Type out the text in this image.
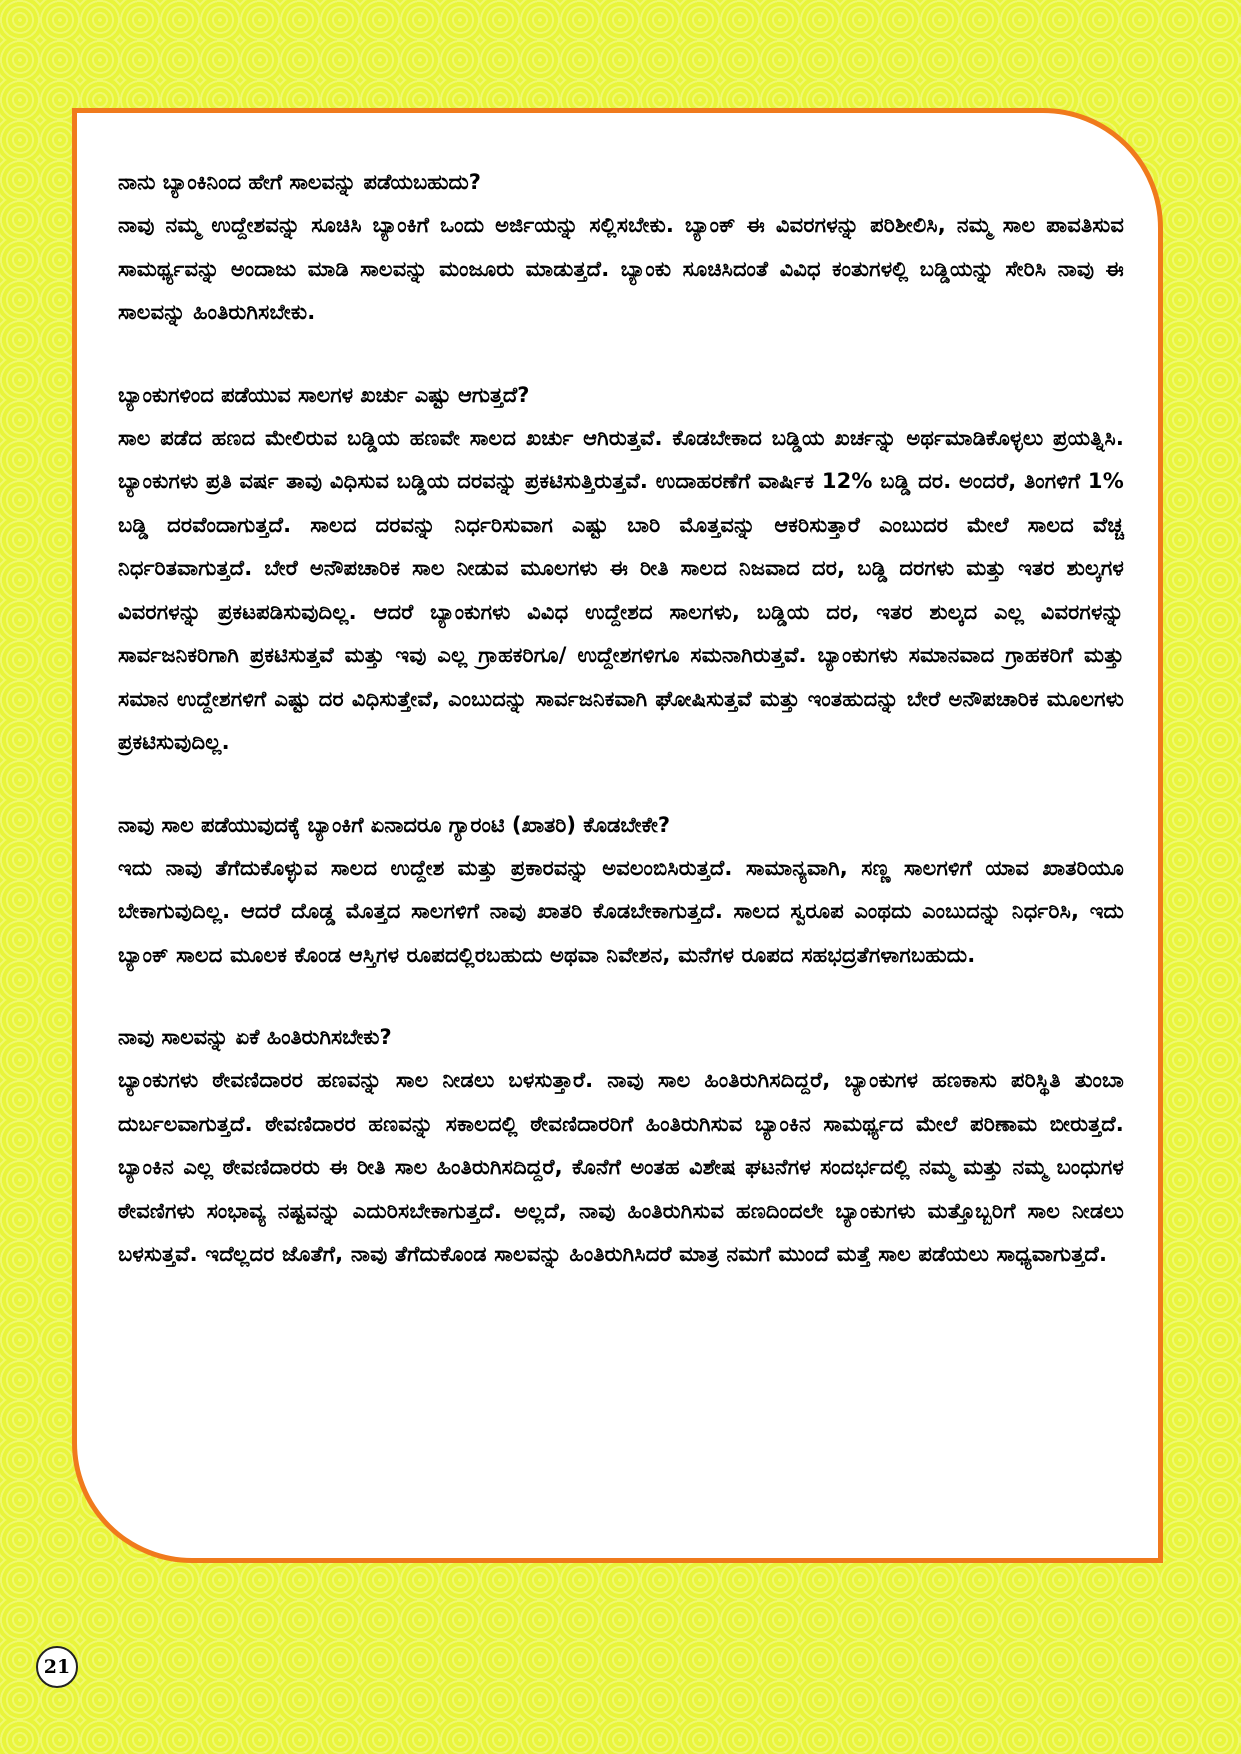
ನಾನು ಬ್ಯಾಂಕಿನಿಂದ ಹೇಗೆ ಸಾಲವನ್ನು ಪಡೆಯಬಹುದು?

ನಾವು ನಮ್ಮ ಉದ್ದೇಶವನ್ನು ಸೂಚಿಸಿ ಬ್ಯಾಂಕಿಗೆ ಒಂದು ಅರ್ಜಿಯನ್ನು ಸಲ್ಲಿಸಬೇಕು. ಬ್ಯಾಂಕ್ ಈ ವಿವರಗಳನ್ನು ಪರಿಶೀಲಿಸಿ, ನಮ್ಮ ಸಾಲ ಪಾವತಿಸುವ ಸಾಮರ್ಥ್ಯವನ್ನು ಅಂದಾಜು ಮಾಡಿ ಸಾಲವನ್ನು ಮಂಜೂರು ಮಾಡುತ್ತದೆ. ಬ್ಯಾಂಕು ಸೂಚಿಸಿದಂತೆ ವಿವಿಧ ಕಂತುಗಳಲ್ಲಿ ಬಡ್ಡಿಯನ್ನು ಸೇರಿಸಿ ನಾವು ಈ ಸಾಲವನ್ನು ಹಿಂತಿರುಗಿಸಬೇಕು.

ಬ್ಯಾಂಕುಗಳಿಂದ ಪಡೆಯುವ ಸಾಲಗಳ ಖರ್ಚು ಎಷ್ಟು ಆಗುತ್ತದೆ?

ಸಾಲ ಪಡೆದ ಹಣದ ಮೇಲಿರುವ ಬಡ್ಡಿಯ ಹಣವೇ ಸಾಲದ ಖರ್ಚು ಆಗಿರುತ್ತವೆ. ಕೊಡಬೇಕಾದ ಬಡ್ಡಿಯ ಖರ್ಚನ್ನು ಅರ್ಥಮಾಡಿಕೊಳ್ಳಲು ಪ್ರಯತ್ನಿಸಿ. ಬ್ಯಾಂಕುಗಳು ಪ್ರತಿ ವರ್ಷ ತಾವು ವಿಧಿಸುವ ಬಡ್ಡಿಯ ದರವನ್ನು ಪ್ರಕಟಿಸುತ್ತಿರುತ್ತವೆ. ಉದಾಹರಣೆಗೆ ವಾರ್ಷಿಕ 12% ಬಡ್ಡಿ ದರ. ಅಂದರೆ, ತಿಂಗಳಿಗೆ 1% ಬಡ್ಡಿ ದರವೆಂದಾಗುತ್ತದೆ. ಸಾಲದ ದರವನ್ನು ನಿರ್ಧರಿಸುವಾಗ ಎಷ್ಟು ಬಾರಿ ಮೊತ್ತವನ್ನು ಆಕರಿಸುತ್ತಾರೆ ಎಂಬುದರ ಮೇಲೆ ಸಾಲದ ವೆಚ್ಚ ನಿರ್ಧರಿತವಾಗುತ್ತದೆ. ಬೇರೆ ಅನೌಪಚಾರಿಕ ಸಾಲ ನೀಡುವ ಮೂಲಗಳು ಈ ರೀತಿ ಸಾಲದ ನಿಜವಾದ ದರ, ಬಡ್ಡಿ ದರಗಳು ಮತ್ತು ಇತರ ಶುಲ್ಕಗಳ ವಿವರಗಳನ್ನು ಪ್ರಕಟಪಡಿಸುವುದಿಲ್ಲ. ಆದರೆ ಬ್ಯಾಂಕುಗಳು ವಿವಿಧ ಉದ್ದೇಶದ ಸಾಲಗಳು, ಬಡ್ಡಿಯ ದರ, ಇತರ ಶುಲ್ಕದ ಎಲ್ಲ ವಿವರಗಳನ್ನು ಸಾರ್ವಜನಿಕರಿಗಾಗಿ ಪ್ರಕಟಿಸುತ್ತವೆ ಮತ್ತು ಇವು ಎಲ್ಲ ಗ್ರಾಹಕರಿಗೂ/ ಉದ್ದೇಶಗಳಿಗೂ ಸಮನಾಗಿರುತ್ತವೆ. ಬ್ಯಾಂಕುಗಳು ಸಮಾನವಾದ ಗ್ರಾಹಕರಿಗೆ ಮತ್ತು ಸಮಾನ ಉದ್ದೇಶಗಳಿಗೆ ಎಷ್ಟು ದರ ವಿಧಿಸುತ್ತೇವೆ, ಎಂಬುದನ್ನು ಸಾರ್ವಜನಿಕವಾಗಿ ಘೋಷಿಸುತ್ತವೆ ಮತ್ತು ಇಂತಹುದನ್ನು ಬೇರೆ ಅನೌಪಚಾರಿಕ ಮೂಲಗಳು ಪ್ರಕಟಿಸುವುದಿಲ್ಲ.

ನಾವು ಸಾಲ ಪಡೆಯುವುದಕ್ಕೆ ಬ್ಯಾಂಕಿಗೆ ಏನಾದರೂ ಗ್ಯಾರಂಟಿ (ಖಾತರಿ) ಕೊಡಬೇಕೇ?

ಇದು ನಾವು ತೆಗೆದುಕೊಳ್ಳುವ ಸಾಲದ ಉದ್ದೇಶ ಮತ್ತು ಪ್ರಕಾರವನ್ನು ಅವಲಂಬಿಸಿರುತ್ತದೆ. ಸಾಮಾನ್ಯವಾಗಿ, ಸಣ್ಣ ಸಾಲಗಳಿಗೆ ಯಾವ ಖಾತರಿಯೂ ಬೇಕಾಗುವುದಿಲ್ಲ. ಆದರೆ ದೊಡ್ಡ ಮೊತ್ತದ ಸಾಲಗಳಿಗೆ ನಾವು ಖಾತರಿ ಕೊಡಬೇಕಾಗುತ್ತದೆ. ಸಾಲದ ಸ್ವರೂಪ ಎಂಥದು ಎಂಬುದನ್ನು ನಿರ್ಧರಿಸಿ, ಇದು ಬ್ಯಾಂಕ್ ಸಾಲದ ಮೂಲಕ ಕೊಂಡ ಆಸ್ತಿಗಳ ರೂಪದಲ್ಲಿರಬಹುದು ಅಥವಾ ನಿವೇಶನ, ಮನೆಗಳ ರೂಪದ ಸಹಭದ್ರತೆಗಳಾಗಬಹುದು.

ನಾವು ಸಾಲವನ್ನು ಏಕೆ ಹಿಂತಿರುಗಿಸಬೇಕು?

ಬ್ಯಾಂಕುಗಳು ಠೇವಣಿದಾರರ ಹಣವನ್ನು ಸಾಲ ನೀಡಲು ಬಳಸುತ್ತಾರೆ. ನಾವು ಸಾಲ ಹಿಂತಿರುಗಿಸದಿದ್ದರೆ, ಬ್ಯಾಂಕುಗಳ ಹಣಕಾಸು ಪರಿಸ್ಥಿತಿ ತುಂಬಾ ದುರ್ಬಲವಾಗುತ್ತದೆ. ಠೇವಣಿದಾರರ ಹಣವನ್ನು ಸಕಾಲದಲ್ಲಿ ಠೇವಣಿದಾರರಿಗೆ ಹಿಂತಿರುಗಿಸುವ ಬ್ಯಾಂಕಿನ ಸಾಮರ್ಥ್ಯದ ಮೇಲೆ ಪರಿಣಾಮ ಬೀರುತ್ತದೆ. ಬ್ಯಾಂಕಿನ ಎಲ್ಲ ಠೇವಣಿದಾರರು ಈ ರೀತಿ ಸಾಲ ಹಿಂತಿರುಗಿಸದಿದ್ದರೆ, ಕೊನೆಗೆ ಅಂತಹ ವಿಶೇಷ ಘಟನೆಗಳ ಸಂದರ್ಭದಲ್ಲಿ ನಮ್ಮ ಮತ್ತು ನಮ್ಮ ಬಂಧುಗಳ ಠೇವಣಿಗಳು ಸಂಭಾವ್ಯ ನಷ್ಟವನ್ನು ಎದುರಿಸಬೇಕಾಗುತ್ತದೆ. ಅಲ್ಲದೆ, ನಾವು ಹಿಂತಿರುಗಿಸುವ ಹಣದಿಂದಲೇ ಬ್ಯಾಂಕುಗಳು ಮತ್ತೊಬ್ಬರಿಗೆ ಸಾಲ ನೀಡಲು ಬಳಸುತ್ತವೆ. ಇದೆಲ್ಲದರ ಜೊತೆಗೆ, ನಾವು ತೆಗೆದುಕೊಂಡ ಸಾಲವನ್ನು ಹಿಂತಿರುಗಿಸಿದರೆ ಮಾತ್ರ ನಮಗೆ ಮುಂದೆ ಮತ್ತೆ ಸಾಲ ಪಡೆಯಲು ಸಾಧ್ಯವಾಗುತ್ತದೆ.

21
